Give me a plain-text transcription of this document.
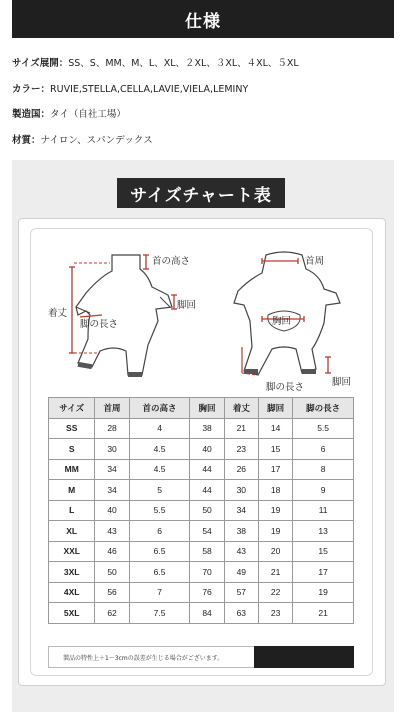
仕様
サイズ展開：SS、S、MM、M、L、XL、２XL、３XL、４XL、５XL
カラー：RUVIE,STELLA,CELLA,LAVIE,VIELA,LEMINY
製造国：タイ（自社工場）
材質：ナイロン、スパンデックス
サイズチャート表
首の高さ
脚回
着丈
脚の長さ
首周
胸回
脚の長さ	脚回
サイズ	首周	首の高さ	胸回	着丈	脚回	脚の長さ
SS	28	4	38	21	14	5.5
S	30	4.5	40	23	15	6
MM	34	4.5	44	26	17	8
M	34	5	44	30	18	9
L	40	5.5	50	34	19	11
XL	43	6	54	38	19	13
XXL	46	6.5	58	43	20	15
3XL	50	6.5	70	49	21	17
4XL	56	7	76	57	22	19
5XL	62	7.5	84	63	23	21
製品の特性上＋1〜3cmの誤差が生じる場合がございます。
